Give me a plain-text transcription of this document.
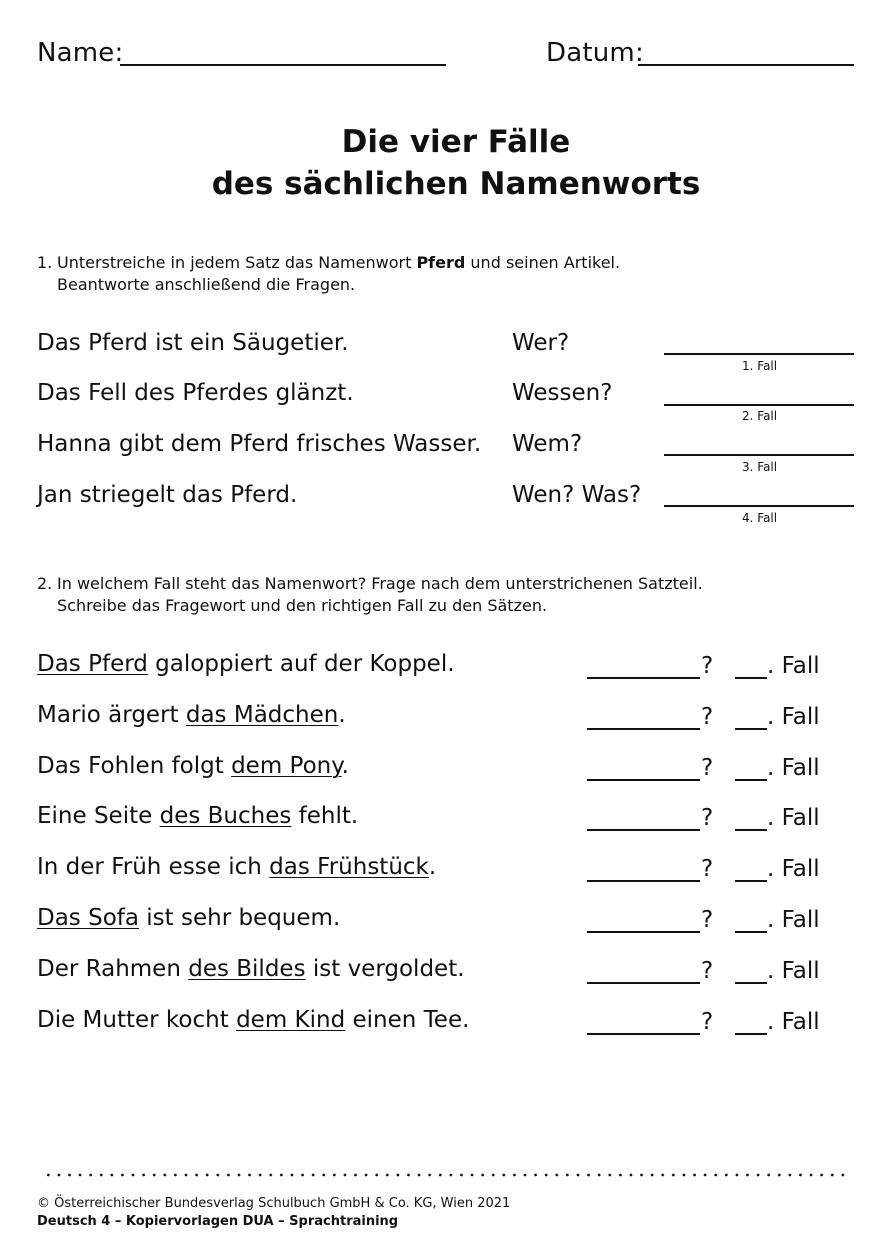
Name:	Datum:
Die vier Fälle
des sächlichen Namenworts
1. Unterstreiche in jedem Satz das Namenwort Pferd und seinen Artikel.
Beantworte anschließend die Fragen.
Das Pferd ist ein Säugetier.	Wer?
1. Fall
Das Fell des Pferdes glänzt.	Wessen?
2. Fall
Hanna gibt dem Pferd frisches Wasser. Wem?
3. Fall
Jan striegelt das Pferd.	Wen? Was?
4. Fall
2. In welchem Fall steht das Namenwort? Frage nach dem unterstrichenen Satzteil.
Schreibe das Fragewort und den richtigen Fall zu den Sätzen.
Das Pferd galoppiert auf der Koppel.	? . Fall
Mario ärgert das Mädchen.	? . Fall
Das Fohlen folgt dem Pony.	? . Fall
Eine Seite des Buches fehlt.	? . Fall
In der Früh esse ich das Frühstück.	? . Fall
Das Sofa ist sehr bequem.	? . Fall
Der Rahmen des Bildes ist vergoldet.	? . Fall
Die Mutter kocht dem Kind einen Tee.	? . Fall
© Österreichischer Bundesverlag Schulbuch GmbH & Co. KG, Wien 2021
Deutsch 4 – Kopiervorlagen DUA – Sprachtraining
